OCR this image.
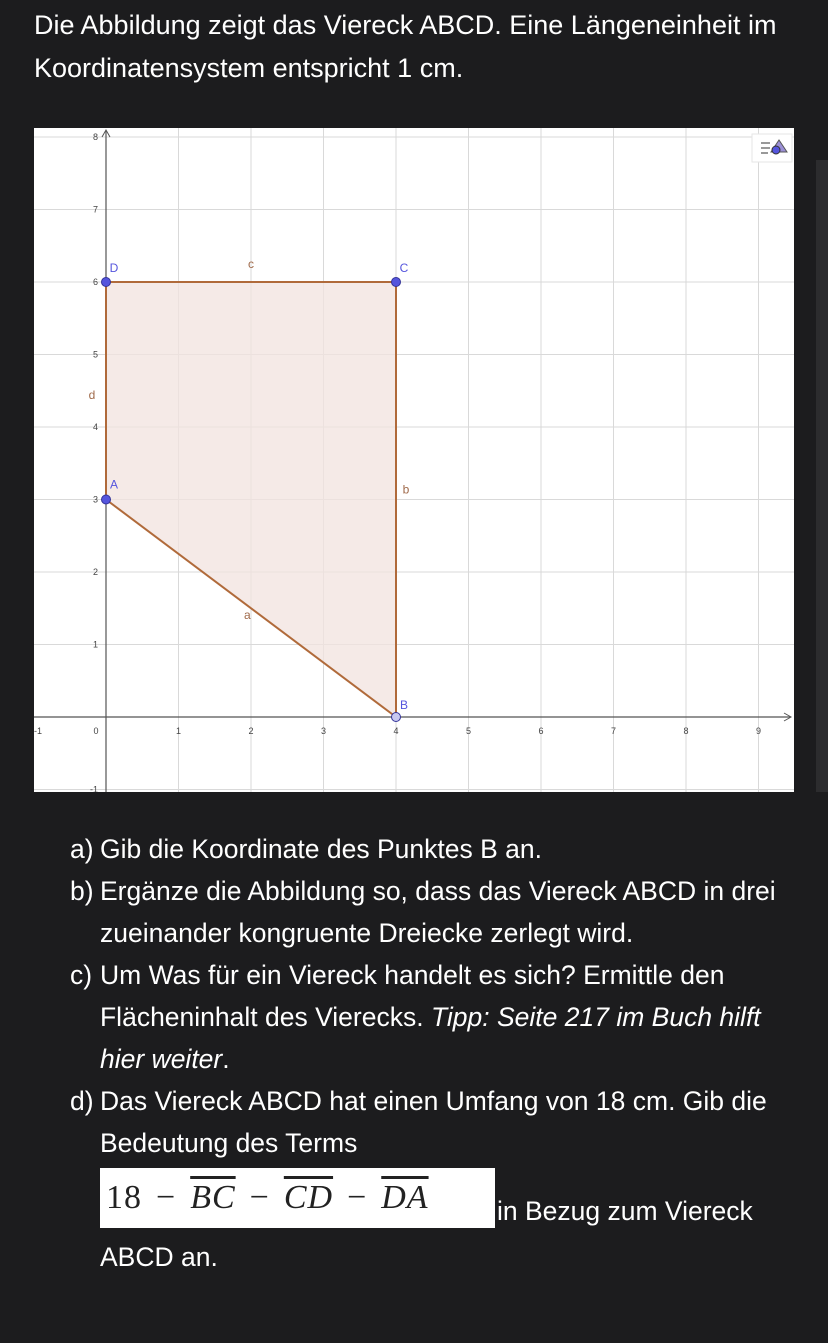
Die Abbildung zeigt das Viereck ABCD. Eine Längeneinheit im Koordinatensystem entspricht 1 cm.

-1	0	1	2	3	4	5	6	7	8	9
-1
1
2
3
4
5
6
7
8
a
b
c
d
A
B
C
D
a) Gib die Koordinate des Punktes B an.
b) Ergänze die Abbildung so, dass das Viereck ABCD in drei zueinander kongruente Dreiecke zerlegt wird.
c) Um Was für ein Viereck handelt es sich? Ermittle den Flächeninhalt des Vierecks. Tipp: Seite 217 im Buch hilft hier weiter.
d) Das Viereck ABCD hat einen Umfang von 18 cm. Gib die Bedeutung des Terms
$18 - \overline{BC} - \overline{CD} - \overline{DA}$	in Bezug zum Viereck
ABCD an.
